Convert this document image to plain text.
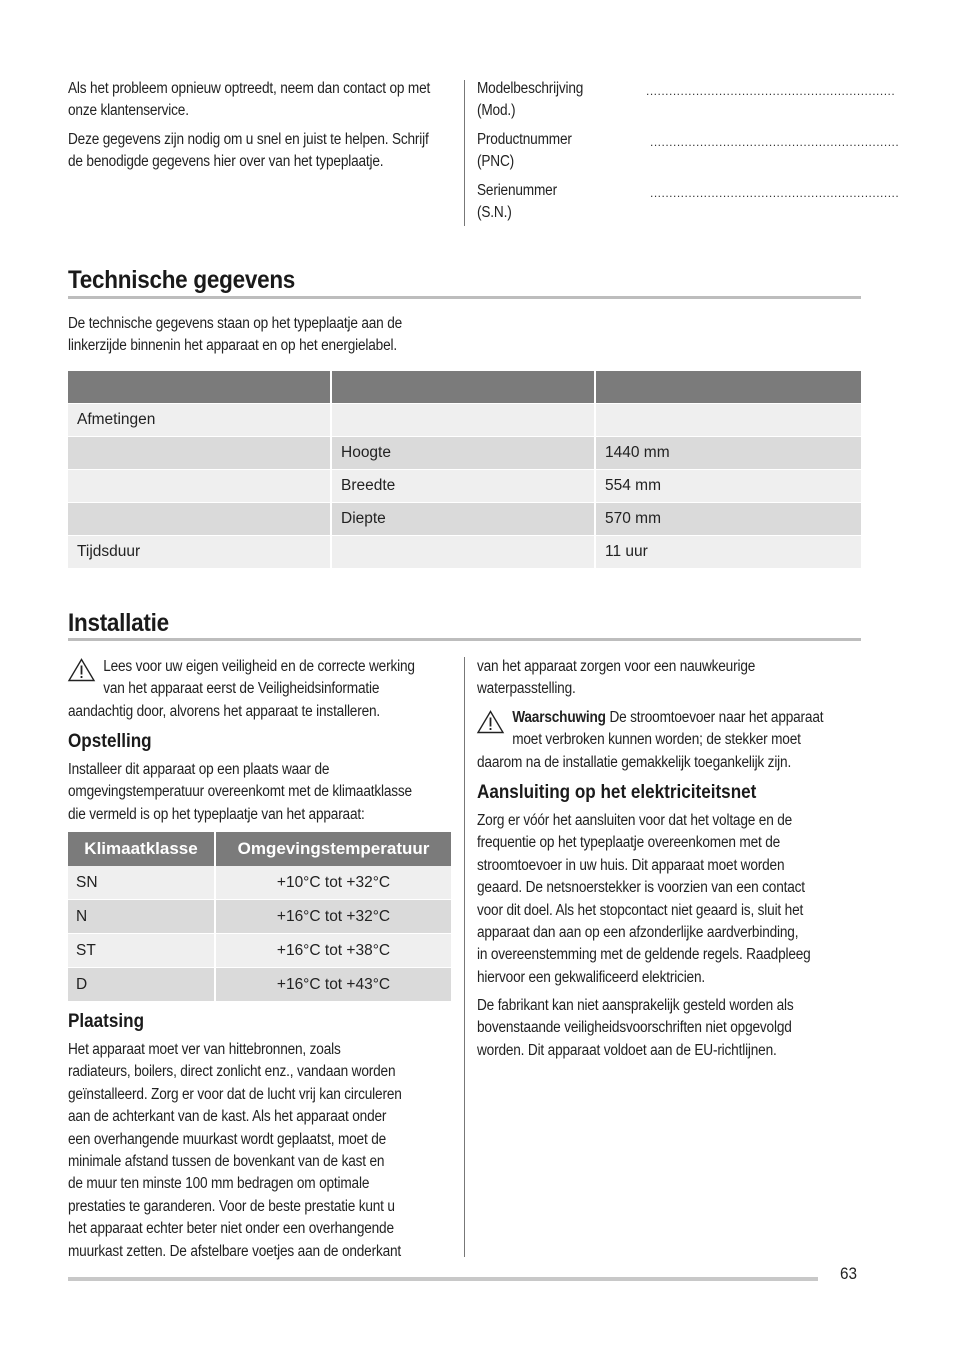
Als het probleem opnieuw optreedt, neem dan contact op met onze klantenservice.

Deze gegevens zijn nodig om u snel en juist te helpen. Schrijf de benodigde gegevens hier over van het typeplaatje.

Modelbeschrijving

(Mod.)

.................................................................

Productnummer

(PNC)

.................................................................

Serienummer

(S.N.)

.................................................................
Technische gegevens

De technische gegevens staan op het typeplaatje aan de

linkerzijde binnenin het apparaat en op het energielabel.

Afmetingen		
	Hoogte	1440 mm
	Breedte	554 mm
	Diepte	570 mm
Tijdsduur		11 uur
Installatie

Lees voor uw eigen veiligheid en de correcte werking

van het apparaat eerst de Veiligheidsinformatie

aandachtig door, alvorens het apparaat te installeren.

Opstelling

Installeer dit apparaat op een plaats waar de

omgevingstemperatuur overeenkomt met de klimaatklasse

die vermeld is op het typeplaatje van het apparaat:

Klimaatklasse	Omgevingstemperatuur
SN	+10°C tot +32°C
N	+16°C tot +32°C
ST	+16°C tot +38°C
D	+16°C tot +43°C
Plaatsing

Het apparaat moet ver van hittebronnen, zoals

radiateurs, boilers, direct zonlicht enz., vandaan worden

geïnstalleerd. Zorg er voor dat de lucht vrij kan circuleren

aan de achterkant van de kast. Als het apparaat onder

een overhangende muurkast wordt geplaatst, moet de

minimale afstand tussen de bovenkant van de kast en

de muur ten minste 100 mm bedragen om optimale

prestaties te garanderen. Voor de beste prestatie kunt u

het apparaat echter beter niet onder een overhangende

muurkast zetten. De afstelbare voetjes aan de onderkant

van het apparaat zorgen voor een nauwkeurige

waterpasstelling.

Waarschuwing De stroomtoevoer naar het apparaat

moet verbroken kunnen worden; de stekker moet

daarom na de installatie gemakkelijk toegankelijk zijn.

Aansluiting op het elektriciteitsnet

Zorg er vóór het aansluiten voor dat het voltage en de

frequentie op het typeplaatje overeenkomen met de

stroomtoevoer in uw huis. Dit apparaat moet worden

geaard. De netsnoerstekker is voorzien van een contact

voor dit doel. Als het stopcontact niet geaard is, sluit het

apparaat dan aan op een afzonderlijke aardverbinding,

in overeenstemming met de geldende regels. Raadpleeg

hiervoor een gekwalificeerd elektricien.

De fabrikant kan niet aansprakelijk gesteld worden als

bovenstaande veiligheidsvoorschriften niet opgevolgd

worden. Dit apparaat voldoet aan de EU-richtlijnen.

63
